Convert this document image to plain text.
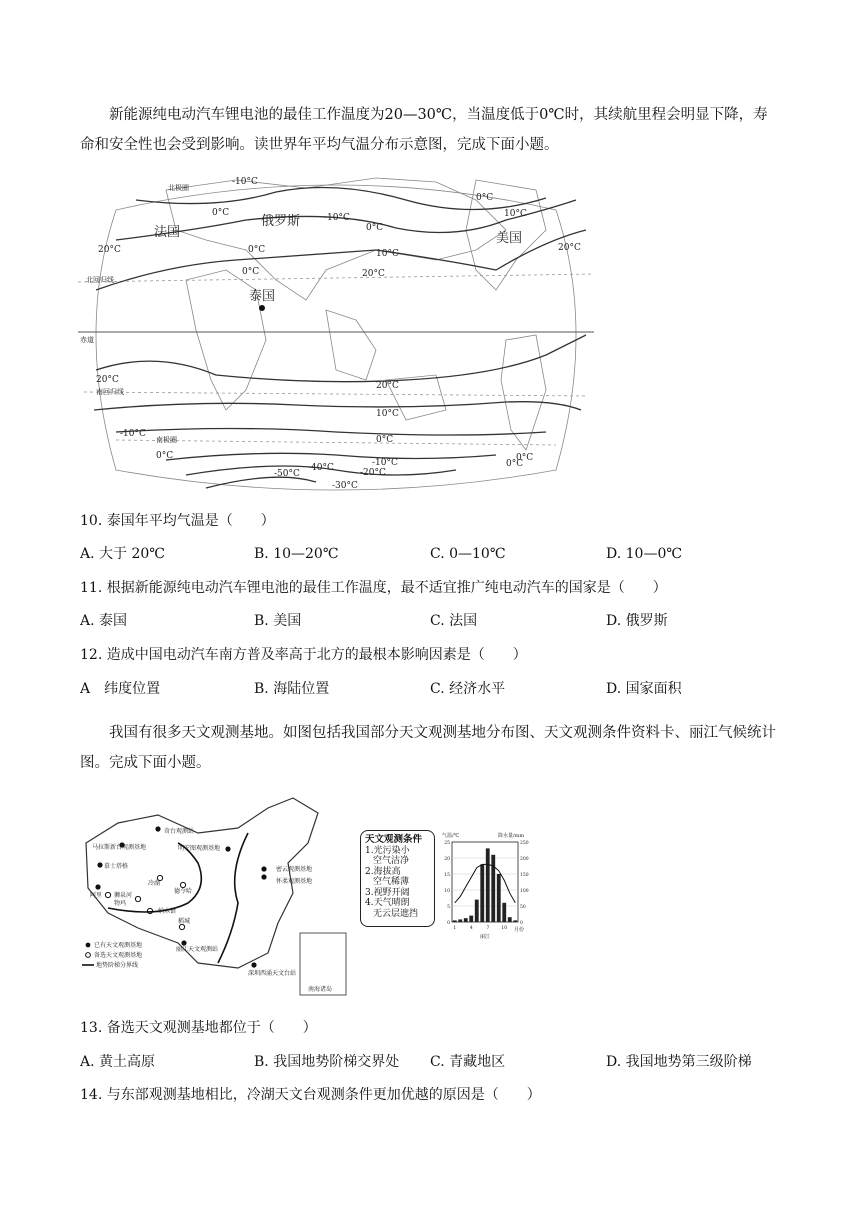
新能源纯电动汽车锂电池的最佳工作温度为20—30℃，当温度低于0℃时，其续航里程会明显下降，寿命和安全性也会受到影响。读世界年平均气温分布示意图，完成下面小题。

俄罗斯
法国	美国
泰国
-10°C
0°C
0°C
-10°C
0°C	10°C
20°C
20°C
0°C
0°C
10°C
20°C
20°C
20°C
10°C
0°C
0°C
-10°C
-20°C
-40°C
-50°C
-30°C
-10°C
0°C
0°C
北回归线
赤道
南回归线
南极圈
北极圈

10. 泰国年平均气温是（　　）

A. 大于 20℃	B. 10—20℃	C. 0—10℃	D. 10—0℃

11. 根据新能源纯电动汽车锂电池的最佳工作温度，最不适宜推广纯电动汽车的国家是（　　）

A. 泰国	B. 美国	C. 法国	D. 俄罗斯

12. 造成中国电动汽车南方普及率高于北方的最根本影响因素是（　　）

A　纬度位置	B. 海陆位置	C. 经济水平	D. 国家面积

我国有很多天文观测基地。如图包括我国部分天文观测基地分布图、天文观测条件资料卡、丽江气候统计图。完成下面小题。

南海诸岛
奇台观测站
马拉斯新台观测基地	明安图观测基地
密云观测基地
怀柔观测基地
慕士塔格
冷湖
德令哈
纳木错
阿里 狮泉河
物玛
稻城
丽江天文观测站
深圳西涌天文台站
已有天文观测基地
备选天文观测基地
地势阶梯分界线
天文观测条件
1.光污染小
空气洁净
2.海拔高
空气稀薄
3.视野开阔
4.天气晴朗
无云层遮挡
气温/℃	降水量/mm
25
20
15
10
5
0
250
200
150
100
50
0
1	4	7	10 月份
丽江

13. 备选天文观测基地都位于（　　）

A. 黄土高原	B. 我国地势阶梯交界处 C. 青藏地区	D. 我国地势第三级阶梯

14. 与东部观测基地相比，冷湖天文台观测条件更加优越的原因是（　　）
